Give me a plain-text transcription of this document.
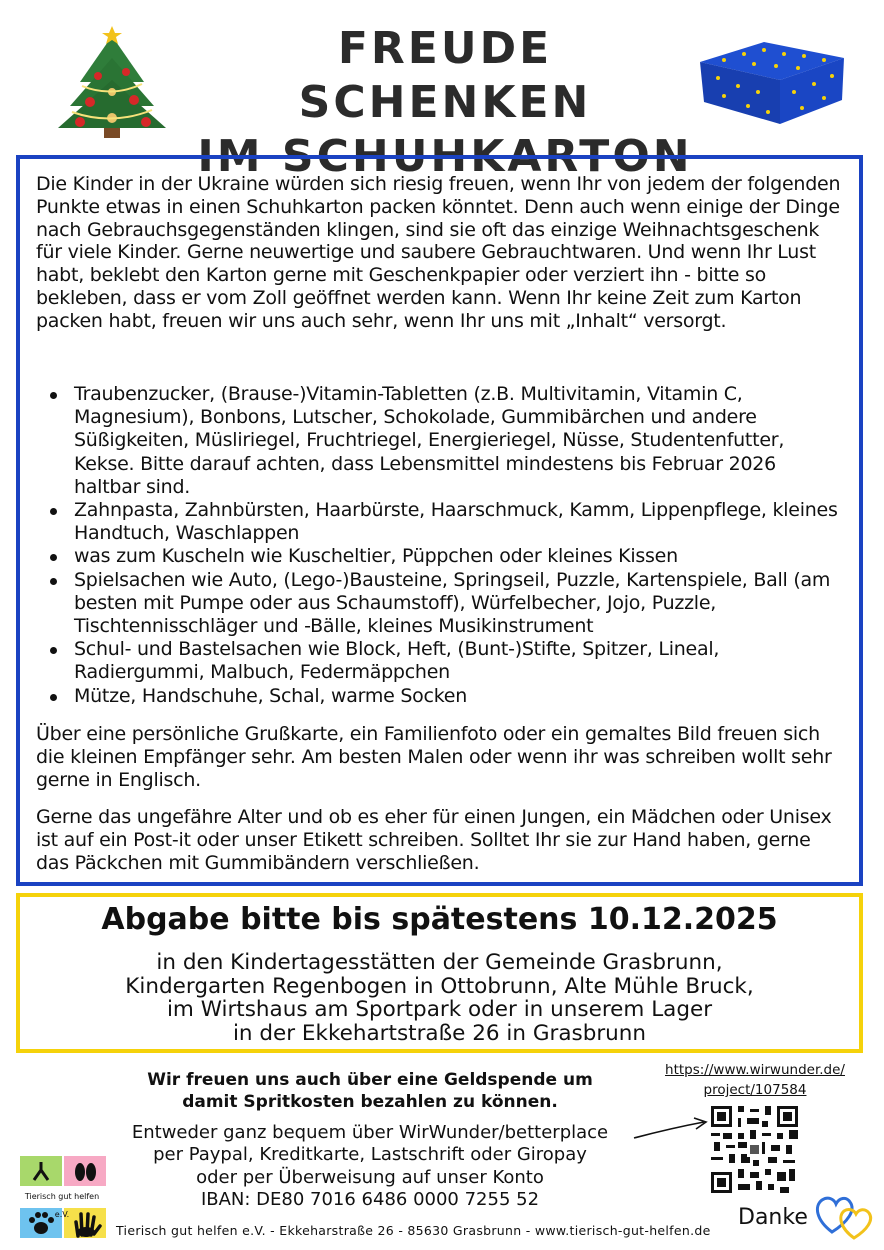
FREUDE SCHENKEN
IM SCHUHKARTON
Die Kinder in der Ukraine würden sich riesig freuen, wenn Ihr von jedem der folgenden Punkte etwas in einen Schuhkarton packen könntet. Denn auch wenn einige der Dinge nach Gebrauchsgegenständen klingen, sind sie oft das einzige Weihnachtsgeschenk für viele Kinder. Gerne neuwertige und saubere Gebrauchtwaren. Und wenn Ihr Lust habt, beklebt den Karton gerne mit Geschenkpapier oder verziert ihn - bitte so bekleben, dass er vom Zoll geöffnet werden kann. Wenn Ihr keine Zeit zum Karton packen habt, freuen wir uns auch sehr, wenn Ihr uns mit „Inhalt“ versorgt.
Traubenzucker, (Brause-)Vitamin-Tabletten (z.B. Multivitamin, Vitamin C, Magnesium), Bonbons, Lutscher, Schokolade, Gummibärchen und andere Süßigkeiten, Müsliriegel, Fruchtriegel, Energieriegel, Nüsse, Studentenfutter, Kekse. Bitte darauf achten, dass Lebensmittel mindestens bis Februar 2026 haltbar sind.
Zahnpasta, Zahnbürsten, Haarbürste, Haarschmuck, Kamm, Lippenpflege, kleines Handtuch, Waschlappen
was zum Kuscheln wie Kuscheltier, Püppchen oder kleines Kissen
Spielsachen wie Auto, (Lego-)Bausteine, Springseil, Puzzle, Kartenspiele, Ball (am besten mit Pumpe oder aus Schaumstoff), Würfelbecher, Jojo, Puzzle, Tischtennisschläger und -Bälle, kleines Musikinstrument
Schul- und Bastelsachen wie Block, Heft, (Bunt-)Stifte, Spitzer, Lineal, Radiergummi, Malbuch, Federmäppchen
Mütze, Handschuhe, Schal, warme Socken
Über eine persönliche Grußkarte, ein Familienfoto oder ein gemaltes Bild freuen sich die kleinen Empfänger sehr. Am besten Malen oder wenn ihr was schreiben wollt sehr gerne in Englisch.
Gerne das ungefähre Alter und ob es eher für einen Jungen, ein Mädchen oder Unisex ist auf ein Post-it oder unser Etikett schreiben. Solltet Ihr sie zur Hand haben, gerne das Päckchen mit Gummibändern verschließen.
Abgabe bitte bis spätestens 10.12.2025
in den Kindertagesstätten der Gemeinde Grasbrunn,
Kindergarten Regenbogen in Ottobrunn, Alte Mühle Bruck,
im Wirtshaus am Sportpark oder in unserem Lager
in der Ekkehartstraße 26 in Grasbrunn
Wir freuen uns auch über eine Geldspende um
damit Spritkosten bezahlen zu können.
Entweder ganz bequem über WirWunder/betterplace
per Paypal, Kreditkarte, Lastschrift oder Giropay
oder per Überweisung auf unser Konto
IBAN: DE80 7016 6486 0000 7255 52
https://www.wirwunder.de/
project/107584
Danke
Tierisch gut helfen e.V.
Tierisch gut helfen e.V. - Ekkeharstraße 26 - 85630 Grasbrunn - www.tierisch-gut-helfen.de
